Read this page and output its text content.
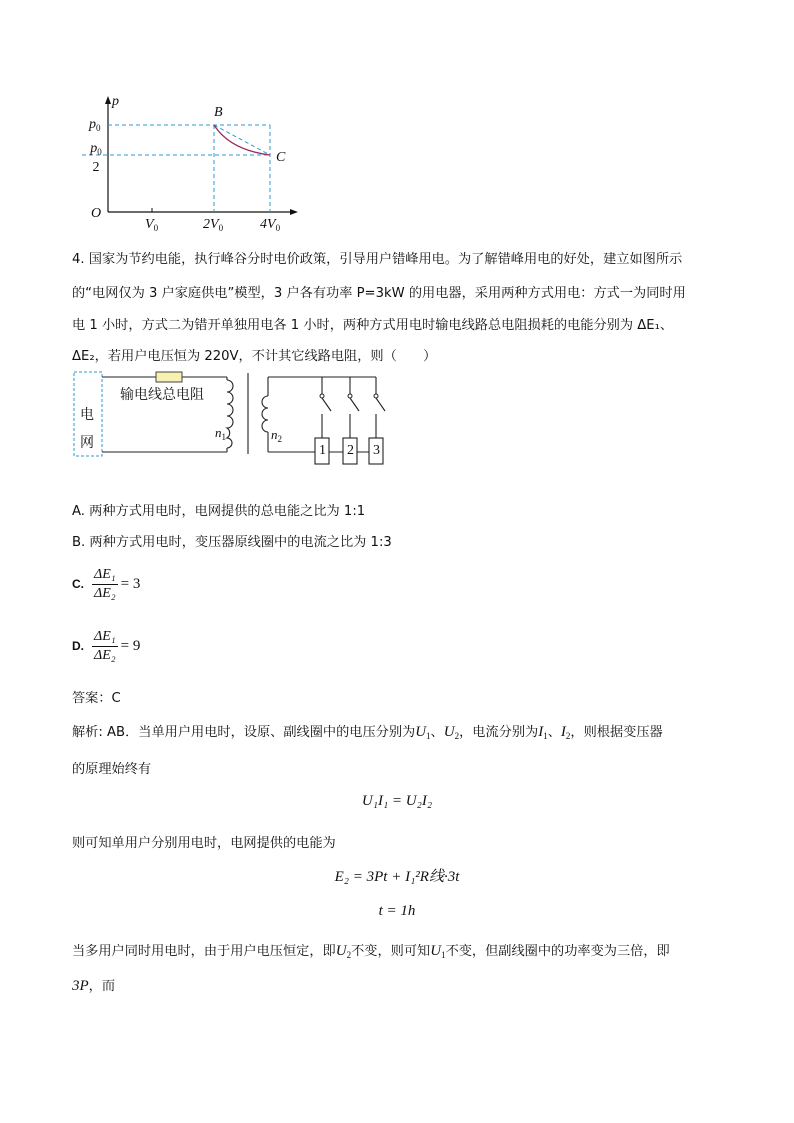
p
$p_0$
$p_0$
2
O
$V_0$	$2V_0$	$4V_0$
B
C
4. 国家为节约电能，执行峰谷分时电价政策，引导用户错峰用电。为了解错峰用电的好处，建立如图所示
的“电网仅为 3 户家庭供电”模型，3 户各有功率 P=3kW 的用电器，采用两种方式用电：方式一为同时用
电 1 小时，方式二为错开单独用电各 1 小时，两种方式用电时输电线路总电阻损耗的电能分别为 ΔE₁、
ΔE₂，若用户电压恒为 220V，不计其它线路电阻，则（　　）
电
网
输电线总电阻
$n_1$	$n_2$
1 2 3
A. 两种方式用电时，电网提供的总电能之比为 1:1
B. 两种方式用电时，变压器原线圈中的电流之比为 1:3
C. $\frac{\text{ΔE₁}}{\text{ΔE₂}} = 3$
D. $\frac{\text{ΔE₁}}{\text{ΔE₂}} = 9$
答案：C
解析: AB．当单用户用电时，设原、副线圈中的电压分别为$U_1$、$U_2$，电流分别为$I_1$、$I_2$，则根据变压器
的原理始终有
U₁I₁ = U₂I₂
则可知单用户分别用电时，电网提供的电能为
E₂ = 3Pt + I₁²R线·3t
t = 1h
当多用户同时用电时，由于用户电压恒定，即$U_2$不变，则可知$U_1$不变，但副线圈中的功率变为三倍，即
3P，而
